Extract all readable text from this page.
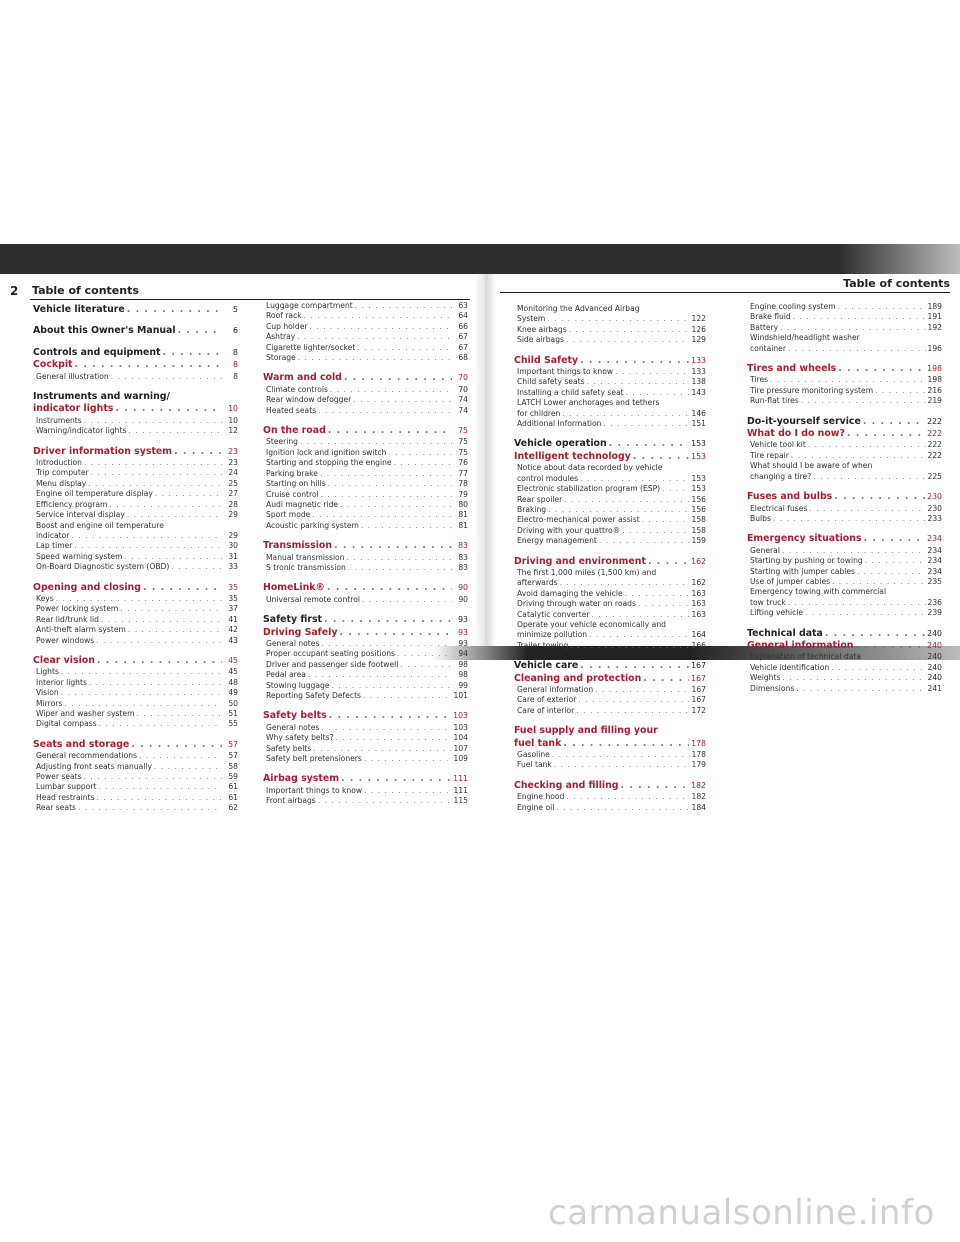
2 Table of contents
Table of contents
Vehicle literature . . .	5
About this Owner's Manual . . .	6
Controls and equipment . . .	8
Cockpit . . .	8
General illustration . . .	8
Instruments and warning/
indicator lights . . .	10
Instruments . . .	10
Warning/indicator lights . . .	12
Driver information system . . .	23
Introduction . . .	23
Trip computer . . .	24
Menu display . . .	25
Engine oil temperature display . . .	27
Efficiency program . . .	28
Service interval display . . .	29
Boost and engine oil temperature
indicator . . .	29
Lap timer . . .	30
Speed warning system . . .	31
On-Board Diagnostic system (OBD) . . .	33
Opening and closing . . .	35
Keys . . .	35
Power locking system . . .	37
Rear lid/trunk lid . . .	41
Anti-theft alarm system . . .	42
Power windows . . .	43
Clear vision . . .	45
Lights . . .	45
Interior lights . . .	48
Vision . . .	49
Mirrors . . .	50
Wiper and washer system . . .	51
Digital compass . . .	55
Seats and storage . . .	57
General recommendations . . .	57
Adjusting front seats manually . . .	58
Power seats . . .	59
Lumbar support . . .	61
Head restraints . . .	61
Rear seats . . .	62
Luggage compartment . . .	63
Roof rack . . .	64
Cup holder . . .	66
Ashtray . . .	67
Cigarette lighter/socket . . .	67
Storage . . .	68
Warm and cold . . .	70
Climate controls . . .	70
Rear window defogger . . .	74
Heated seats . . .	74
On the road . . .	75
Steering . . .	75
Ignition lock and ignition switch . . .	75
Starting and stopping the engine . . .	76
Parking brake . . .	77
Starting on hills . . .	78
Cruise control . . .	79
Audi magnetic ride . . .	80
Sport mode . . .	81
Acoustic parking system . . .	81
Transmission . . .	83
Manual transmission . . .	83
S tronic transmission . . .	83
HomeLink® . . .	90
Universal remote control . . .	90
Safety first . . .	93
Driving Safely . . .	93
General notes . . .	93
Proper occupant seating positions . . .	94
Driver and passenger side footwell . . .	98
Pedal area . . .	98
Stowing luggage . . .	99
Reporting Safety Defects . . .	101
Safety belts . . .	103
General notes . . .	103
Why safety belts? . . .	104
Safety belts . . .	107
Safety belt pretensioners . . .	109
Airbag system . . .	111
Important things to know . . .	111
Front airbags . . .	115
Monitoring the Advanced Airbag
System . . .	122
Knee airbags . . .	126
Side airbags . . .	129
Child Safety . . .	133
Important things to know . . .	133
Child safety seats . . .	138
Installing a child safety seat . . .	143
LATCH Lower anchorages and tethers
for children . . .	146
Additional Information . . .	151
Vehicle operation . . .	153
Intelligent technology . . .	153
Notice about data recorded by vehicle
control modules . . .	153
Electronic stabilization program (ESP) . . .	153
Rear spoiler . . .	156
Braking . . .	156
Electro-mechanical power assist . . .	158
Driving with your quattro® . . .	158
Energy management . . .	159
Driving and environment . . .	162
The first 1,000 miles (1,500 km) and
afterwards . . .	162
Avoid damaging the vehicle . . .	163
Driving through water on roads . . .	163
Catalytic converter . . .	163
Operate your vehicle economically and
minimize pollution . . .	164
Trailer towing . . .	166
Vehicle care . . .	167
Cleaning and protection . . .	167
General information . . .	167
Care of exterior . . .	167
Care of interior . . .	172
Fuel supply and filling your
fuel tank . . .	178
Gasoline . . .	178
Fuel tank . . .	179
Checking and filling . . .	182
Engine hood . . .	182
Engine oil . . .	184
Engine cooling system . . .	189
Brake fluid . . .	191
Battery . . .	192
Windshield/headlight washer
container . . .	196
Tires and wheels . . .	198
Tires . . .	198
Tire pressure monitoring system . . .	216
Run-flat tires . . .	219
Do-it-yourself service . . .	222
What do I do now? . . .	222
Vehicle tool kit . . .	222
Tire repair . . .	222
What should I be aware of when
changing a tire? . . .	225
Fuses and bulbs . . .	230
Electrical fuses . . .	230
Bulbs . . .	233
Emergency situations . . .	234
General . . .	234
Starting by pushing or towing . . .	234
Starting with jumper cables . . .	234
Use of jumper cables . . .	235
Emergency towing with commercial
tow truck . . .	236
Lifting vehicle . . .	239
Technical data . . .	240
General information . . .	240
Explanation of technical data . . .	240
Vehicle identification . . .	240
Weights . . .	240
Dimensions . . .	241
carmanualsonline.info
